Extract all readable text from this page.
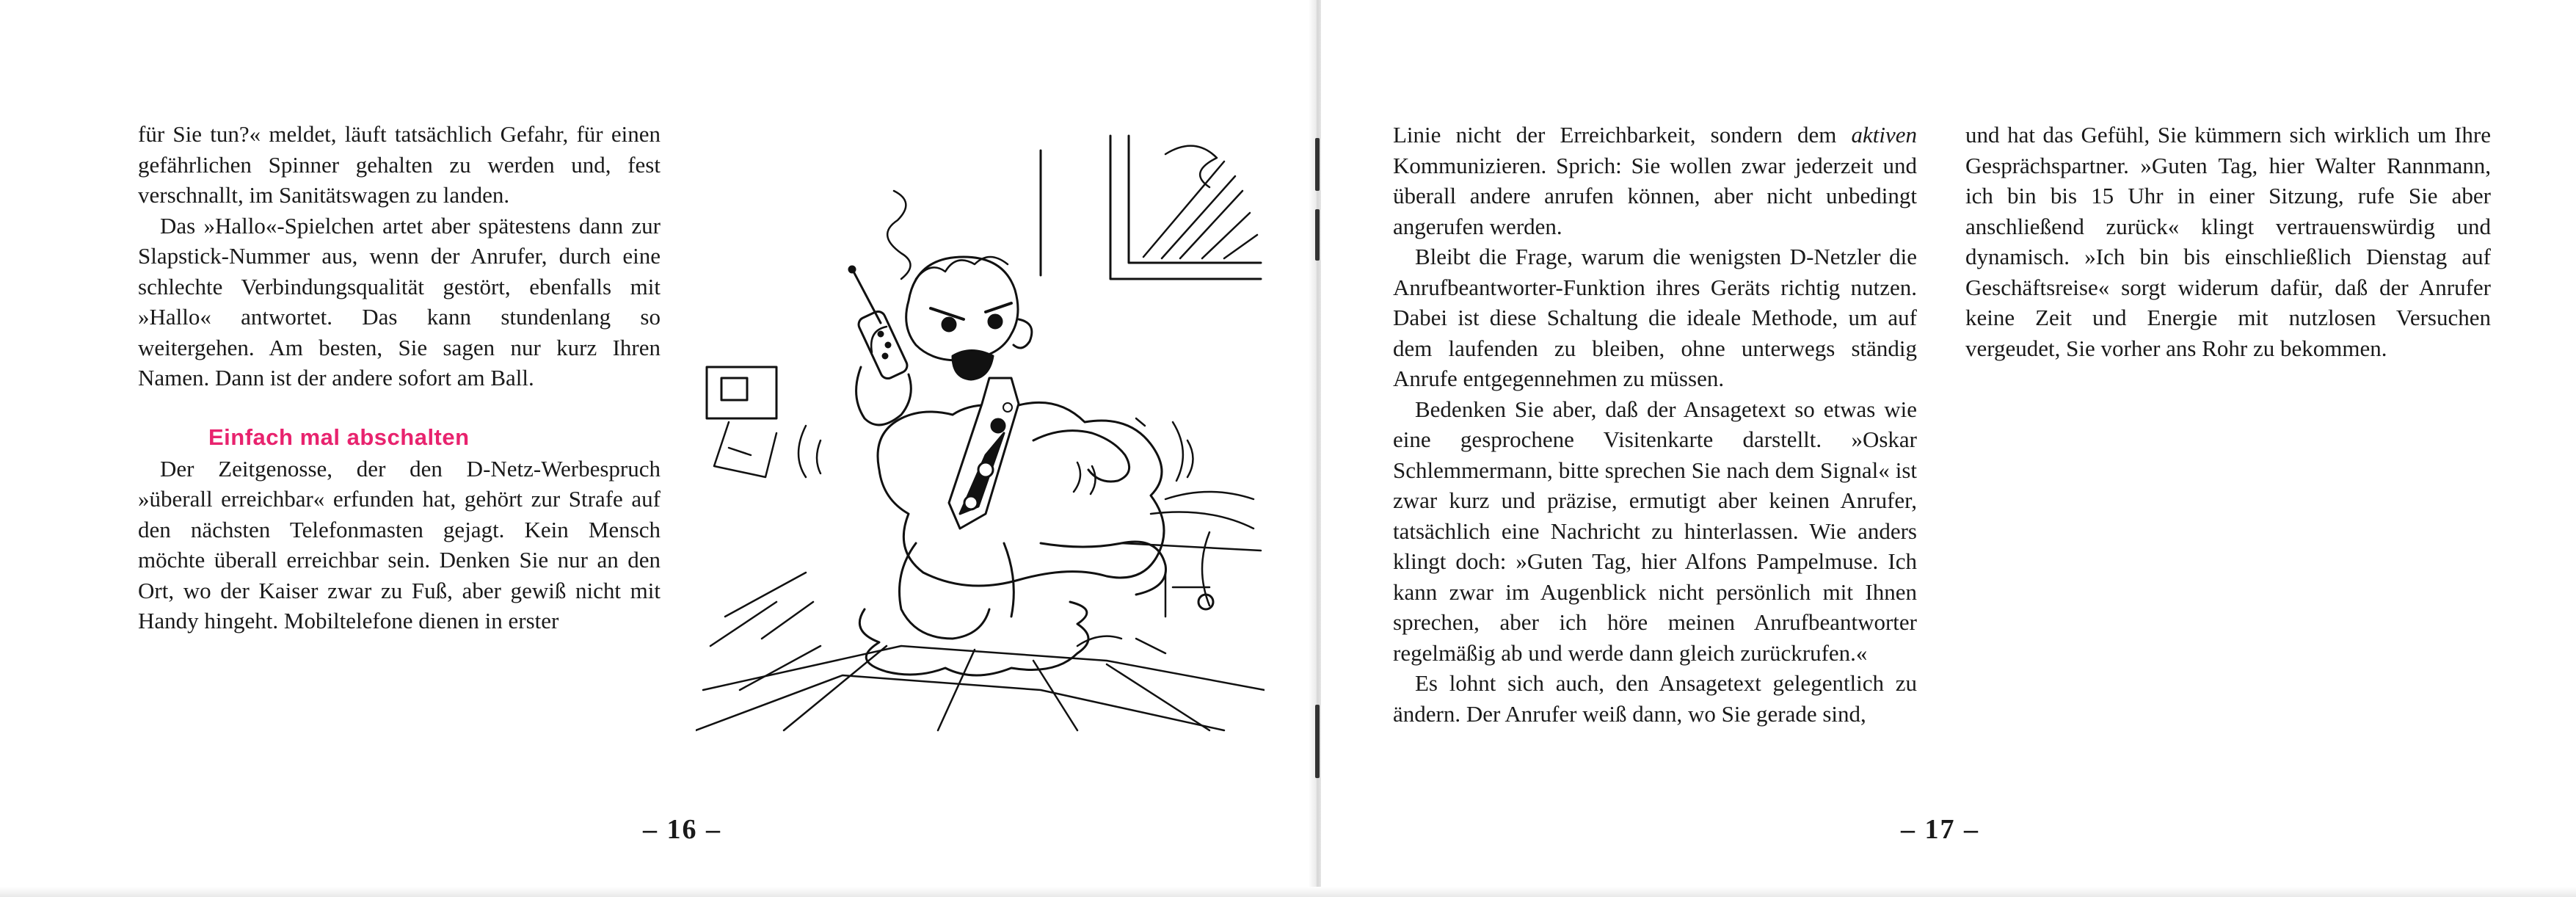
für Sie tun?« meldet, läuft tatsächlich Gefahr, für einen gefährlichen Spinner gehalten zu werden und, fest verschnallt, im Sanitätswagen zu landen.

Das »Hallo«-Spielchen artet aber spätestens dann zur Slapstick-Nummer aus, wenn der Anrufer, durch eine schlechte Verbindungsqualität gestört, ebenfalls mit »Hallo« antwortet. Das kann stundenlang so weitergehen. Am besten, Sie sagen nur kurz Ihren Namen. Dann ist der andere sofort am Ball.

Einfach mal abschalten

Der Zeitgenosse, der den D-Netz-Werbespruch »überall erreichbar« erfunden hat, gehört zur Strafe auf den nächsten Telefonmasten gejagt. Kein Mensch möchte überall erreichbar sein. Denken Sie nur an den Ort, wo der Kaiser zwar zu Fuß, aber gewiß nicht mit Handy hingeht. Mobiltelefone dienen in erster

– 16 –

Linie nicht der Erreichbarkeit, sondern dem aktiven Kommunizieren. Sprich: Sie wollen zwar jederzeit und überall andere anrufen können, aber nicht unbedingt angerufen werden.

Bleibt die Frage, warum die wenigsten D-Netzler die Anrufbeantworter-Funktion ihres Geräts richtig nutzen. Dabei ist diese Schaltung die ideale Methode, um auf dem laufenden zu bleiben, ohne unterwegs ständig Anrufe entgegennehmen zu müssen.

Bedenken Sie aber, daß der Ansagetext so etwas wie eine gesprochene Visitenkarte darstellt. »Oskar Schlemmermann, bitte sprechen Sie nach dem Signal« ist zwar kurz und präzise, ermutigt aber keinen Anrufer, tatsächlich eine Nachricht zu hinterlassen. Wie anders klingt doch: »Guten Tag, hier Alfons Pampelmuse. Ich kann zwar im Augenblick nicht persönlich mit Ihnen sprechen, aber ich höre meinen Anrufbeantworter regelmäßig ab und werde dann gleich zurückrufen.«

Es lohnt sich auch, den Ansagetext gelegentlich zu ändern. Der Anrufer weiß dann, wo Sie gerade sind,

und hat das Gefühl, Sie kümmern sich wirklich um Ihre Gesprächspartner. »Guten Tag, hier Walter Rannmann, ich bin bis 15 Uhr in einer Sitzung, rufe Sie aber anschließend zurück« klingt vertrauenswürdig und dynamisch. »Ich bin bis einschließlich Dienstag auf Geschäftsreise« sorgt widerum dafür, daß der Anrufer keine Zeit und Energie mit nutzlosen Versuchen vergeudet, Sie vorher ans Rohr zu bekommen.

– 17 –
